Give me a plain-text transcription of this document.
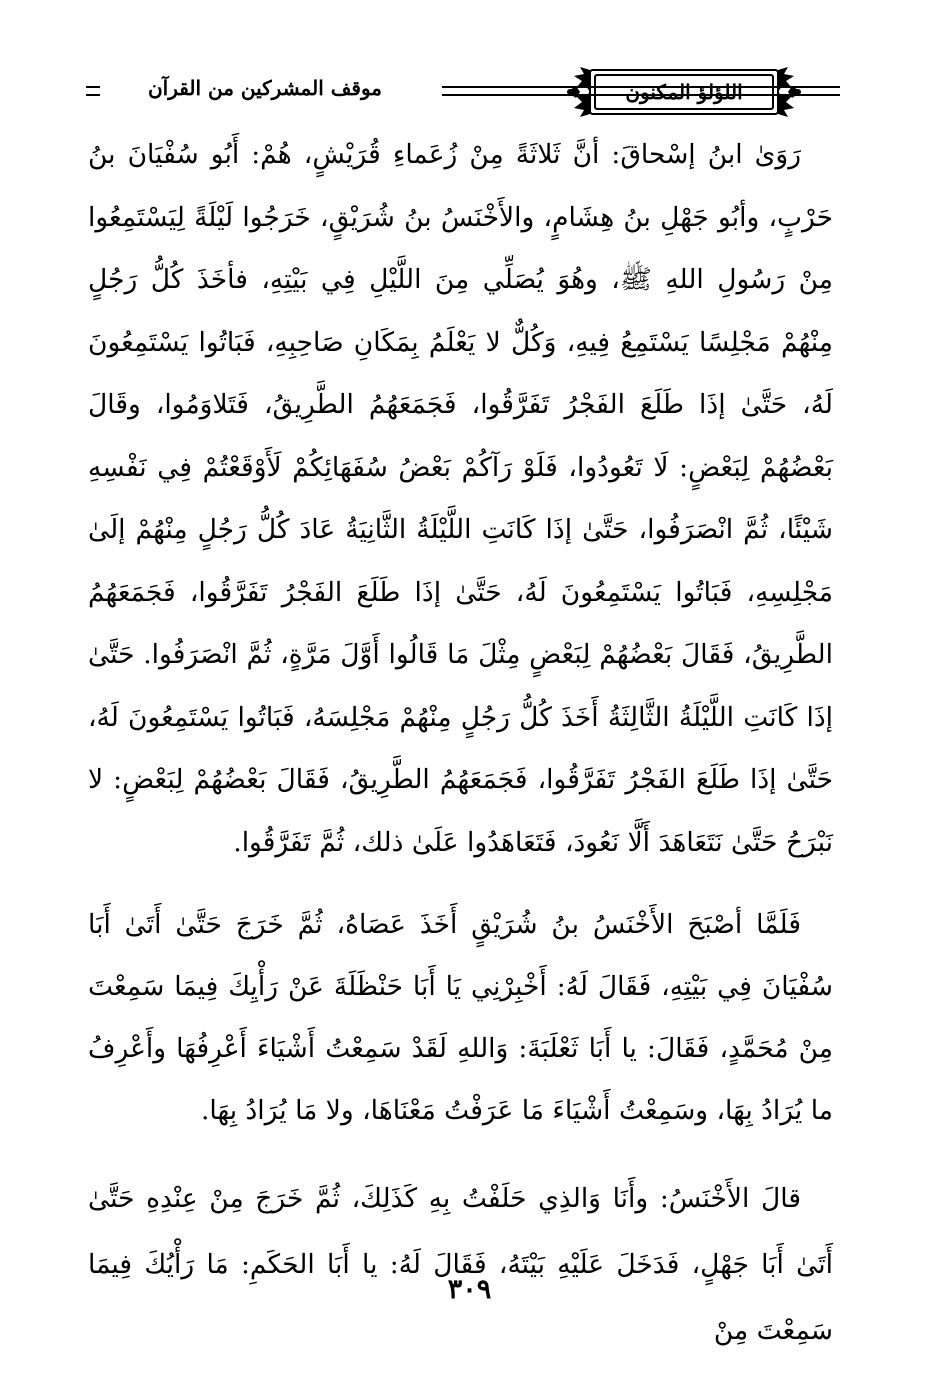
موقف المشركين من القرآن	اللؤلؤ المكنون

رَوَىٰ ابنُ إسْحاقَ: أنَّ ثَلاثَةً مِنْ زُعَماءِ قُرَيْشٍ، هُمْ: أَبُو سُفْيَانَ بنُ حَرْبٍ، وأبُو جَهْلِ بنُ هِشَامٍ، والأَخْنَسُ بنُ شُرَيْقٍ، خَرَجُوا لَيْلَةً لِيَسْتَمِعُوا مِنْ رَسُولِ اللهِ ﷺ، وهُوَ يُصَلِّي مِنَ اللَّيْلِ فِي بَيْتِهِ، فأخَذَ كُلُّ رَجُلٍ مِنْهُمْ مَجْلِسًا يَسْتَمِعُ فِيهِ، وَكُلٌّ لا يَعْلَمُ بِمَكَانِ صَاحِبِهِ، فَبَاتُوا يَسْتَمِعُونَ لَهُ، حَتَّىٰ إذَا طَلَعَ الفَجْرُ تَفَرَّقُوا، فَجَمَعَهُمُ الطَّرِيقُ، فَتَلاوَمُوا، وقَالَ بَعْضُهُمْ لِبَعْضٍ: لَا تَعُودُوا، فَلَوْ رَآكُمْ بَعْضُ سُفَهَائِكُمْ لَأَوْقَعْتُمْ فِي نَفْسِهِ شَيْئًا، ثُمَّ انْصَرَفُوا، حَتَّىٰ إذَا كَانَتِ اللَّيْلَةُ الثَّانِيَةُ عَادَ كُلُّ رَجُلٍ مِنْهُمْ إلَىٰ مَجْلِسِهِ، فَبَاتُوا يَسْتَمِعُونَ لَهُ، حَتَّىٰ إذَا طَلَعَ الفَجْرُ تَفَرَّقُوا، فَجَمَعَهُمُ الطَّرِيقُ، فَقَالَ بَعْضُهُمْ لِبَعْضٍ مِثْلَ مَا قَالُوا أَوَّلَ مَرَّةٍ، ثُمَّ انْصَرَفُوا. حَتَّىٰ إذَا كَانَتِ اللَّيْلَةُ الثَّالِثَةُ أَخَذَ كُلُّ رَجُلٍ مِنْهُمْ مَجْلِسَهُ، فَبَاتُوا يَسْتَمِعُونَ لَهُ، حَتَّىٰ إذَا طَلَعَ الفَجْرُ تَفَرَّقُوا، فَجَمَعَهُمُ الطَّرِيقُ، فَقَالَ بَعْضُهُمْ لِبَعْضٍ: لا نَبْرَحُ حَتَّىٰ نَتَعَاهَدَ أَلَّا نَعُودَ، فَتَعَاهَدُوا عَلَىٰ ذلك، ثُمَّ تَفَرَّقُوا.

فَلَمَّا أصْبَحَ الأَخْنَسُ بنُ شُرَيْقٍ أَخَذَ عَصَاهُ، ثُمَّ خَرَجَ حَتَّىٰ أَتَىٰ أَبَا سُفْيَانَ فِي بَيْتِهِ، فَقَالَ لَهُ: أَخْبِرْنِي يَا أَبَا حَنْظَلَةَ عَنْ رَأْيِكَ فِيمَا سَمِعْتَ مِنْ مُحَمَّدٍ، فَقَالَ: يا أَبَا ثَعْلَبَةَ: وَاللهِ لَقَدْ سَمِعْتُ أَشْيَاءَ أَعْرِفُهَا وأَعْرِفُ ما يُرَادُ بِهَا، وسَمِعْتُ أَشْيَاءَ مَا عَرَفْتُ مَعْنَاهَا، ولا مَا يُرَادُ بِهَا.

قالَ الأَخْنَسُ: وأَنَا وَالذِي حَلَفْتُ بِهِ كَذَلِكَ، ثُمَّ خَرَجَ مِنْ عِنْدِهِ حَتَّىٰ أَتَىٰ أَبَا جَهْلٍ، فَدَخَلَ عَلَيْهِ بَيْتَهُ، فَقَالَ لَهُ: يا أَبَا الحَكَمِ: مَا رَأْيُكَ فِيمَا سَمِعْتَ مِنْ

٣٠٩
